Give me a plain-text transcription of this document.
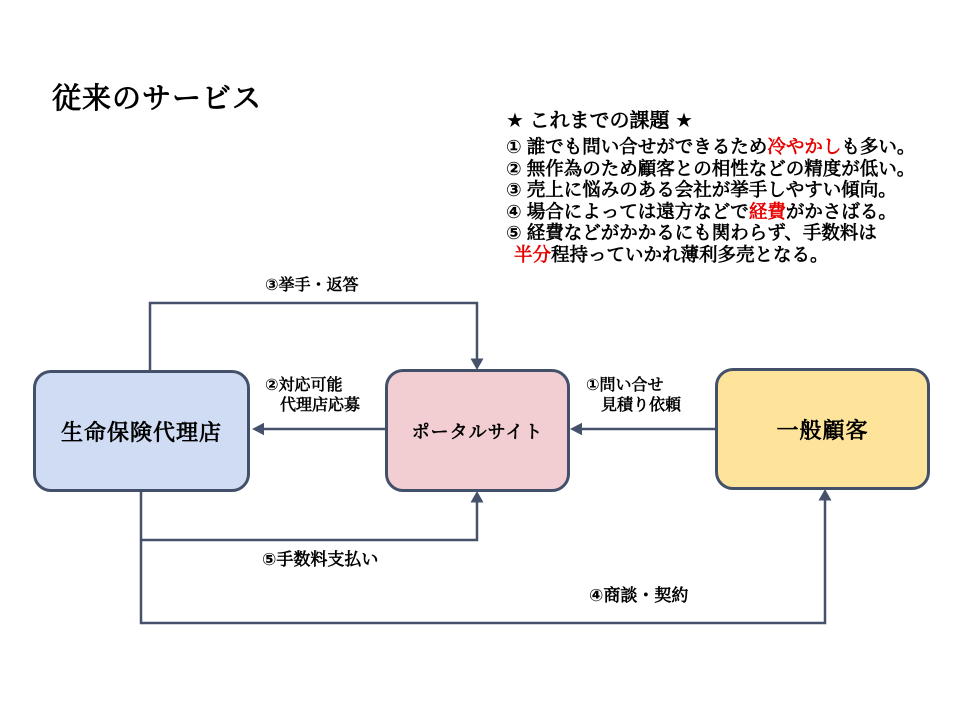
従来のサービス
★ これまでの課題 ★
① 誰でも問い合せができるため冷やかしも多い。
② 無作為のため顧客との相性などの精度が低い。
③ 売上に悩みのある会社が挙手しやすい傾向。
④ 場合によっては遠方などで経費がかさばる。
⑤ 経費などがかかるにも関わらず、手数料は
半分程持っていかれ薄利多売となる。
生命保険代理店	ポータルサイト	一般顧客
③挙手・返答
②対応可能
代理店応募
①問い合せ
見積り依頼
⑤手数料支払い
④商談・契約
